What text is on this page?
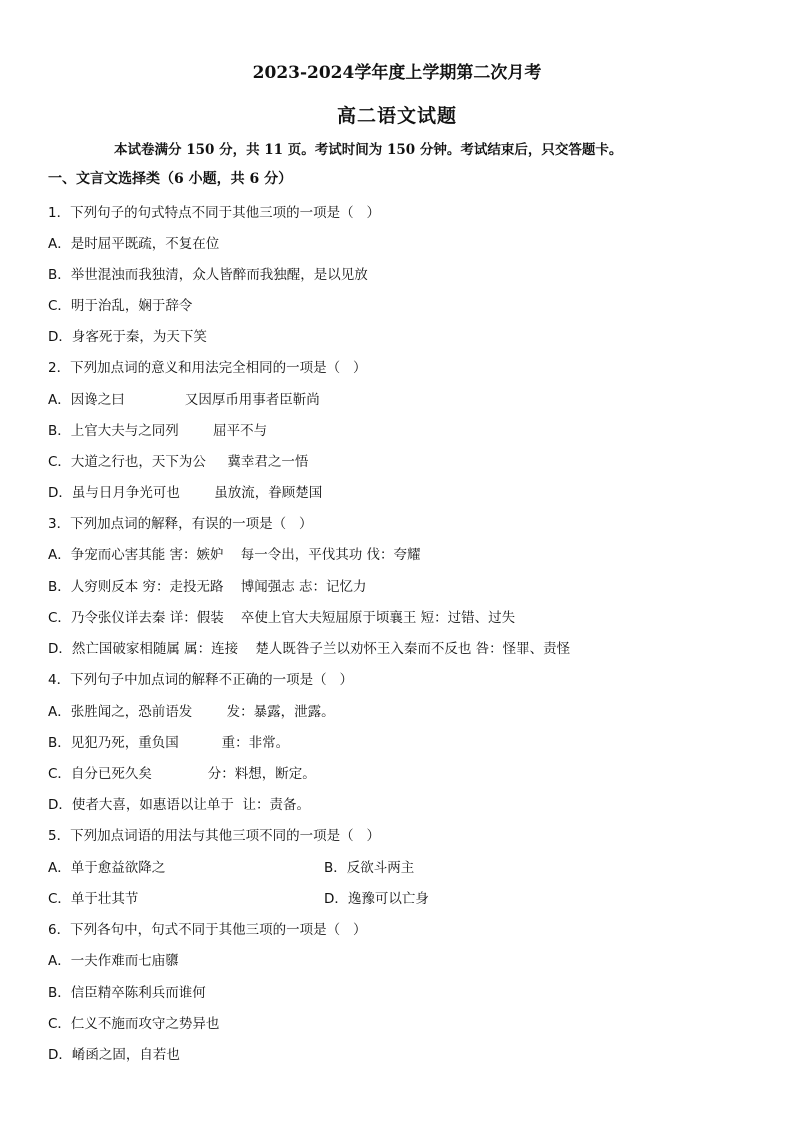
2023-2024学年度上学期第二次月考
高二语文试题
本试卷满分 150 分，共 11 页。考试时间为 150 分钟。考试结束后，只交答题卡。
一、文言文选择类（6 小题，共 6 分）
1．下列句子的句式特点不同于其他三项的一项是（   ）
A．是时屈平既疏，不复在位
B．举世混浊而我独清，众人皆醉而我独醒，是以见放
C．明于治乱，娴于辞令
D．身客死于秦，为天下笑
2．下列加点词的意义和用法完全相同的一项是（   ）
A．因谗之曰              又因厚币用事者臣靳尚
B．上官大夫与之同列        屈平不与
C．大道之行也，天下为公     冀幸君之一悟
D．虽与日月争光可也        虽放流，眷顾楚国
3．下列加点词的解释，有误的一项是（   ）
A．争宠而心害其能 害：嫉妒    每一令出，平伐其功 伐：夸耀
B．人穷则反本 穷：走投无路    博闻强志 志：记忆力
C．乃令张仪详去秦 详：假装    卒使上官大夫短屈原于顷襄王 短：过错、过失
D．然亡国破家相随属 属：连接    楚人既咎子兰以劝怀王入秦而不反也 咎：怪罪、责怪
4．下列句子中加点词的解释不正确的一项是（   ）
A．张胜闻之，恐前语发        发：暴露，泄露。
B．见犯乃死，重负国          重：非常。
C．自分已死久矣             分：料想，断定。
D．使者大喜，如惠语以让单于  让：责备。
5．下列加点词语的用法与其他三项不同的一项是（   ）
A．单于愈益欲降之	B．反欲斗两主
C．单于壮其节	D．逸豫可以亡身
6．下列各句中，句式不同于其他三项的一项是（   ）
A．一夫作难而七庙隳
B．信臣精卒陈利兵而谁何
C．仁义不施而攻守之势异也
D．崤函之固，自若也
